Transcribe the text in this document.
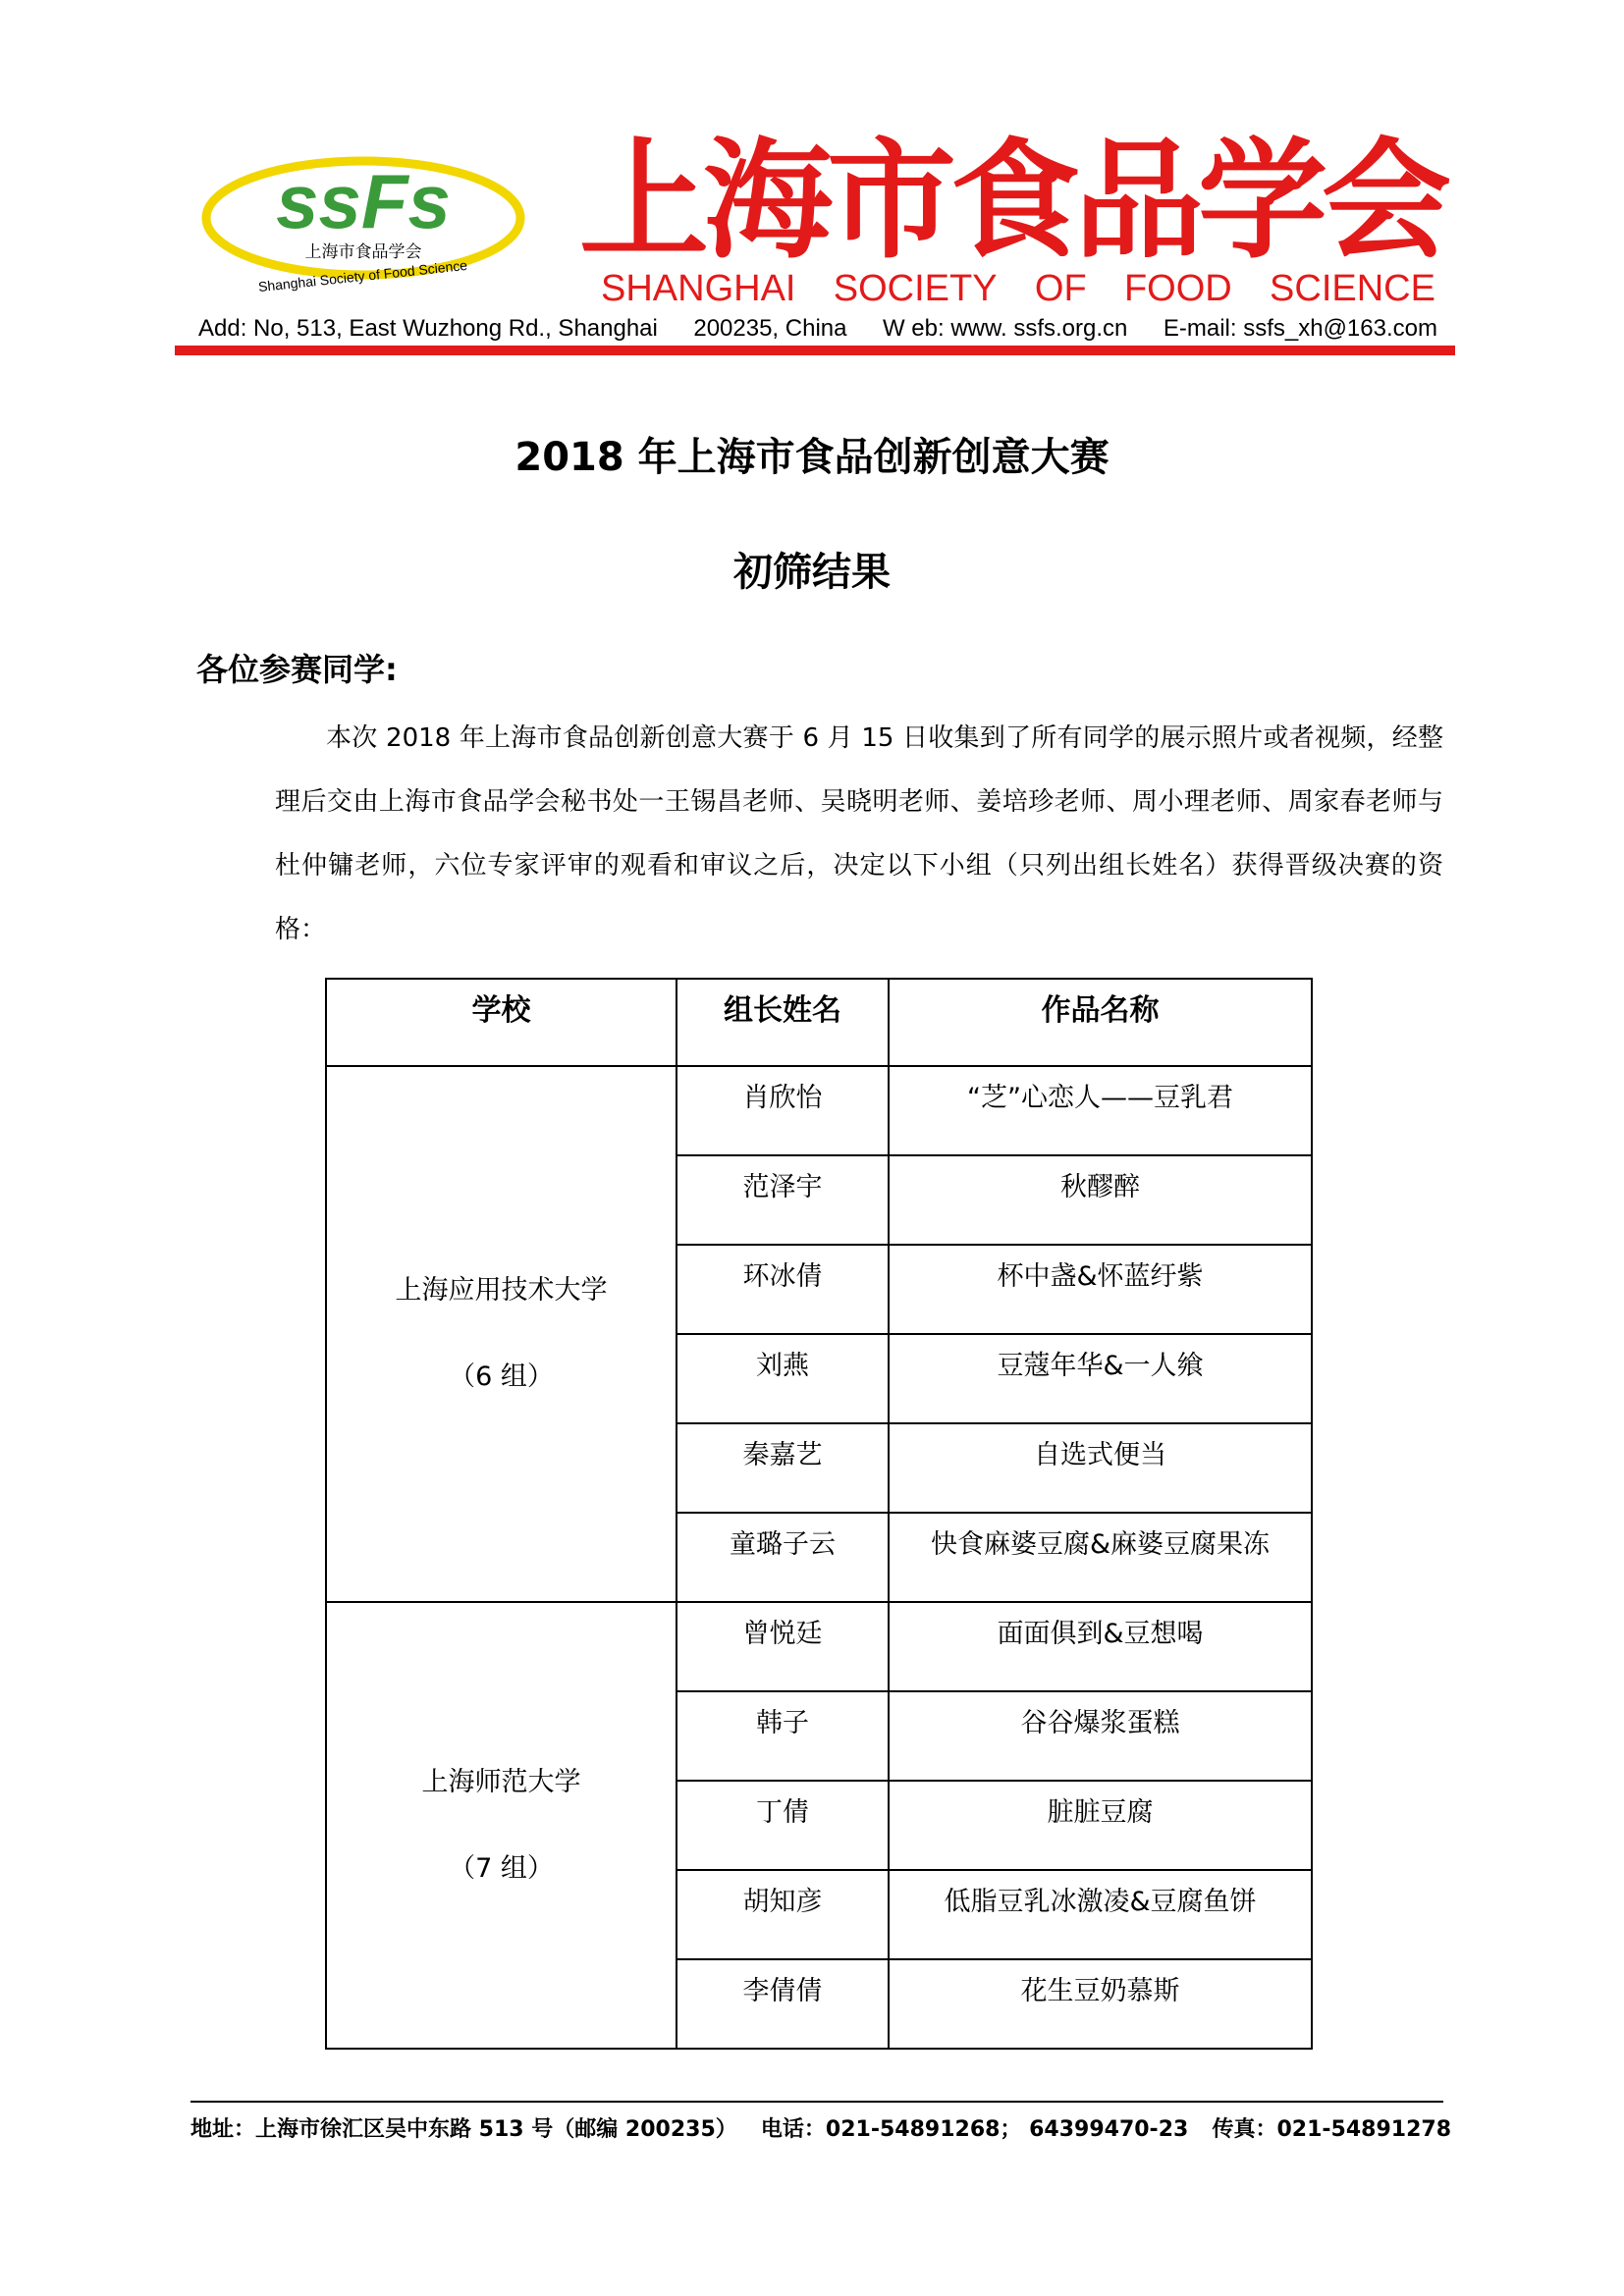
ssFs
上海市食品学会
Shanghai Society of Food Science 上海市食品学会
SHANGHAI SOCIETY OF FOOD SCIENCE
Add: No, 513, East Wuzhong Rd., Shanghai 200235, China W eb: www. ssfs.org.cn E-mail: ssfs_xh@163.com
2018 年上海市食品创新创意大赛
初筛结果
各位参赛同学:
本次 2018 年上海市食品创新创意大赛于 6 月 15 日收集到了所有同学的展示照片或者视频，经整理后交由上海市食品学会秘书处一王锡昌老师、吴晓明老师、姜培珍老师、周小理老师、周家春老师与杜仲镛老师，六位专家评审的观看和审议之后，决定以下小组（只列出组长姓名）获得晋级决赛的资格：
学校	组长姓名	作品名称

上海应用技术大学
（6 组）	肖欣怡	“芝”心恋人——豆乳君
	范泽宇	秋醪醉
	环冰倩	杯中盏&怀蓝纡紫
	刘燕	豆蔻年华&一人飨
	秦嘉艺	自选式便当
	童璐子云	快食麻婆豆腐&麻婆豆腐果冻

上海师范大学
（7 组）	曾悦廷	面面俱到&豆想喝
	韩子	谷谷爆浆蛋糕
	丁倩	脏脏豆腐
	胡知彦	低脂豆乳冰激凌&豆腐鱼饼
	李倩倩	花生豆奶慕斯
地址：上海市徐汇区吴中东路 513 号（邮编 200235） 电话：021-54891268； 64399470-23 传真：021-54891278
